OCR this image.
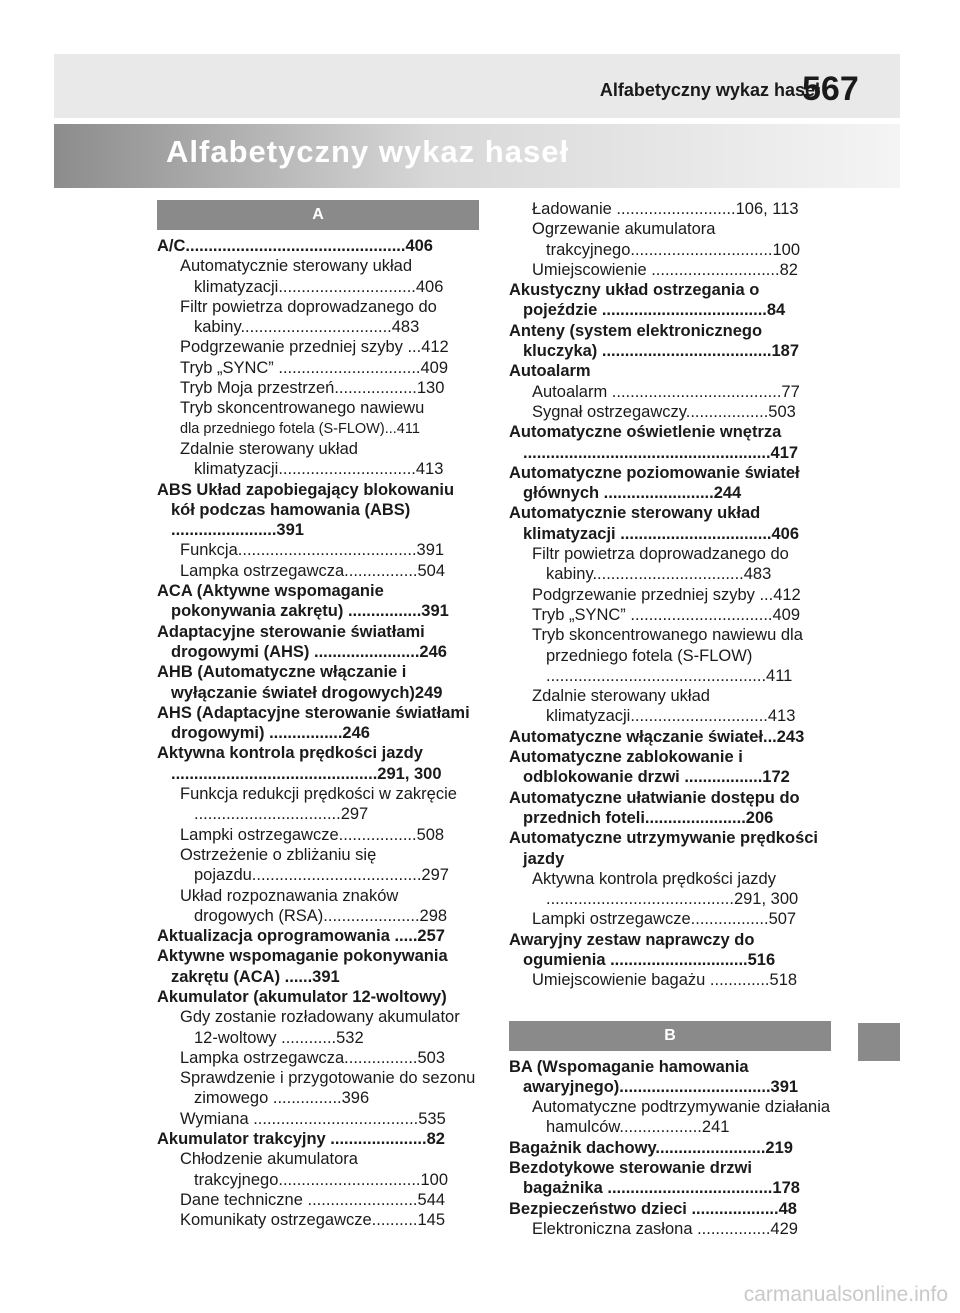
Alfabetyczny wykaz haseł
567
Alfabetyczny wykaz haseł
A
A/C................................................406
Automatycznie sterowany układ klimatyzacji..............................406
Filtr powietrza doprowadzanego do kabiny.................................483
Podgrzewanie przedniej szyby ...412
Tryb „SYNC” ...............................409
Tryb Moja przestrzeń..................130
Tryb skoncentrowanego nawiewu
dla przedniego fotela (S-FLOW)...411
Zdalnie sterowany układ klimatyzacji..............................413
ABS Układ zapobiegający blokowaniu kół podczas hamowania (ABS) .......................391
Funkcja.......................................391
Lampka ostrzegawcza................504
ACA (Aktywne wspomaganie pokonywania zakrętu) ................391
Adaptacyjne sterowanie światłami drogowymi (AHS) .......................246
AHB (Automatyczne włączanie i wyłączanie świateł drogowych)249
AHS (Adaptacyjne sterowanie światłami drogowymi) ................246
Aktywna kontrola prędkości jazdy .............................................291, 300
Funkcja redukcji prędkości w zakręcie ................................297
Lampki ostrzegawcze.................508
Ostrzeżenie o zbliżaniu się pojazdu.....................................297
Układ rozpoznawania znaków drogowych (RSA).....................298
Aktualizacja oprogramowania .....257
Aktywne wspomaganie pokonywania zakrętu (ACA) ......391
Akumulator (akumulator 12-woltowy)
Gdy zostanie rozładowany akumulator 12-woltowy ............532
Lampka ostrzegawcza................503
Sprawdzenie i przygotowanie do sezonu zimowego ...............396
Wymiana ....................................535
Akumulator trakcyjny .....................82
Chłodzenie akumulatora trakcyjnego...............................100
Dane techniczne ........................544
Komunikaty ostrzegawcze..........145
Ładowanie ..........................106, 113
Ogrzewanie akumulatora trakcyjnego...............................100
Umiejscowienie ............................82
Akustyczny układ ostrzegania o pojeździe ....................................84
Anteny (system elektronicznego kluczyka) .....................................187
Autoalarm
Autoalarm .....................................77
Sygnał ostrzegawczy..................503
Automatyczne oświetlenie wnętrza ......................................................417
Automatyczne poziomowanie świateł głównych ........................244
Automatycznie sterowany układ klimatyzacji .................................406
Filtr powietrza doprowadzanego do kabiny.................................483
Podgrzewanie przedniej szyby ...412
Tryb „SYNC” ...............................409
Tryb skoncentrowanego nawiewu dla przedniego fotela (S-FLOW) ................................................411
Zdalnie sterowany układ klimatyzacji..............................413
Automatyczne włączanie świateł...243
Automatyczne zablokowanie i odblokowanie drzwi .................172
Automatyczne ułatwianie dostępu do przednich foteli......................206
Automatyczne utrzymywanie prędkości jazdy
Aktywna kontrola prędkości jazdy .........................................291, 300
Lampki ostrzegawcze.................507
Awaryjny zestaw naprawczy do ogumienia ..............................516
Umiejscowienie bagażu .............518
B
BA (Wspomaganie hamowania awaryjnego).................................391
Automatyczne podtrzymywanie działania hamulców..................241
Bagażnik dachowy........................219
Bezdotykowe sterowanie drzwi bagażnika ....................................178
Bezpieczeństwo dzieci ...................48
Elektroniczna zasłona ................429
carmanualsonline.info
